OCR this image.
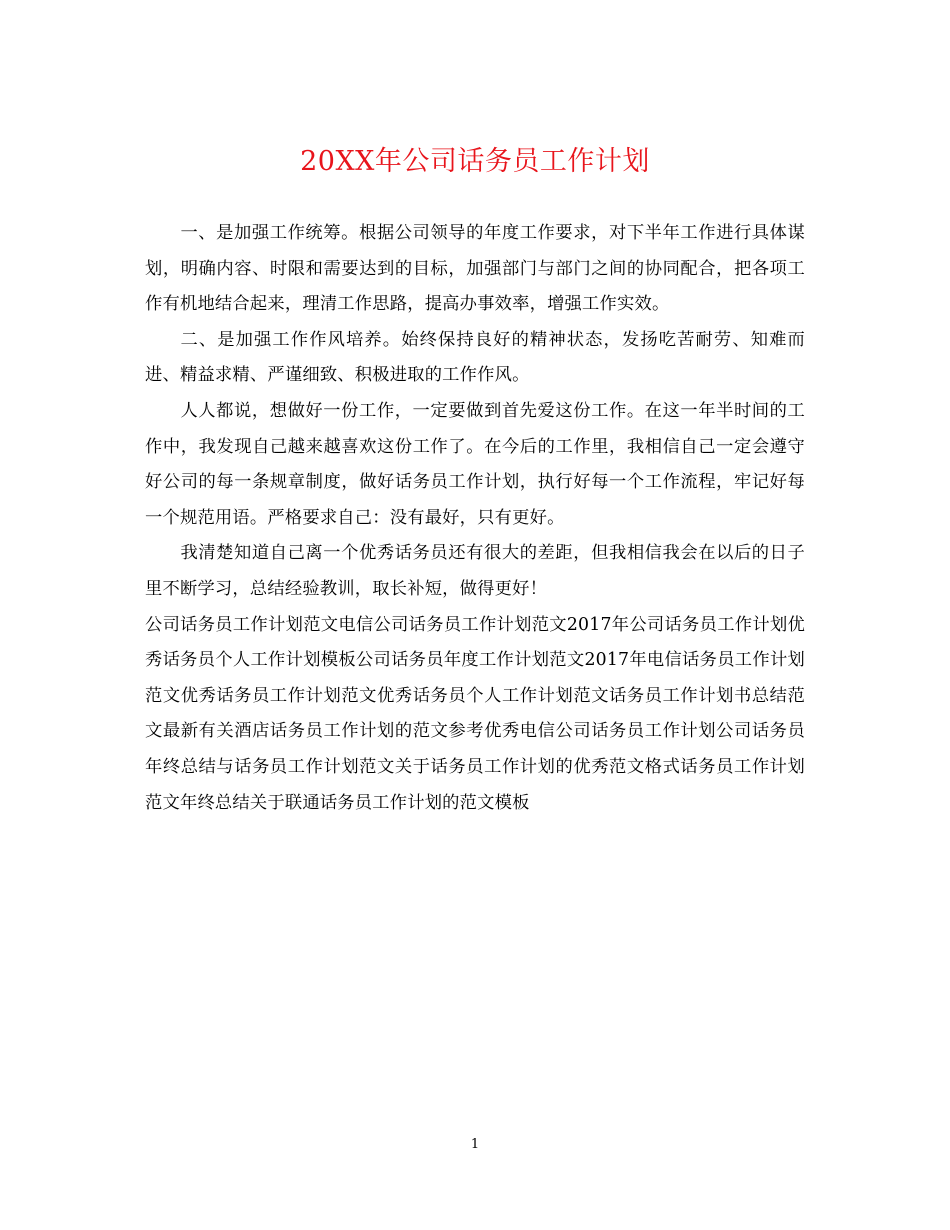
20XX年公司话务员工作计划

一、是加强工作统筹。根据公司领导的年度工作要求，对下半年工作进行具体谋划，明确内容、时限和需要达到的目标，加强部门与部门之间的协同配合，把各项工作有机地结合起来，理清工作思路，提高办事效率，增强工作实效。

二、是加强工作作风培养。始终保持良好的精神状态，发扬吃苦耐劳、知难而进、精益求精、严谨细致、积极进取的工作作风。

人人都说，想做好一份工作，一定要做到首先爱这份工作。在这一年半时间的工作中，我发现自己越来越喜欢这份工作了。在今后的工作里，我相信自己一定会遵守好公司的每一条规章制度，做好话务员工作计划，执行好每一个工作流程，牢记好每一个规范用语。严格要求自己：没有最好，只有更好。

我清楚知道自己离一个优秀话务员还有很大的差距，但我相信我会在以后的日子里不断学习，总结经验教训，取长补短，做得更好！

公司话务员工作计划范文电信公司话务员工作计划范文2017年公司话务员工作计划优秀话务员个人工作计划模板公司话务员年度工作计划范文2017年电信话务员工作计划范文优秀话务员工作计划范文优秀话务员个人工作计划范文话务员工作计划书总结范文最新有关酒店话务员工作计划的范文参考优秀电信公司话务员工作计划公司话务员年终总结与话务员工作计划范文关于话务员工作计划的优秀范文格式话务员工作计划范文年终总结关于联通话务员工作计划的范文模板

1
